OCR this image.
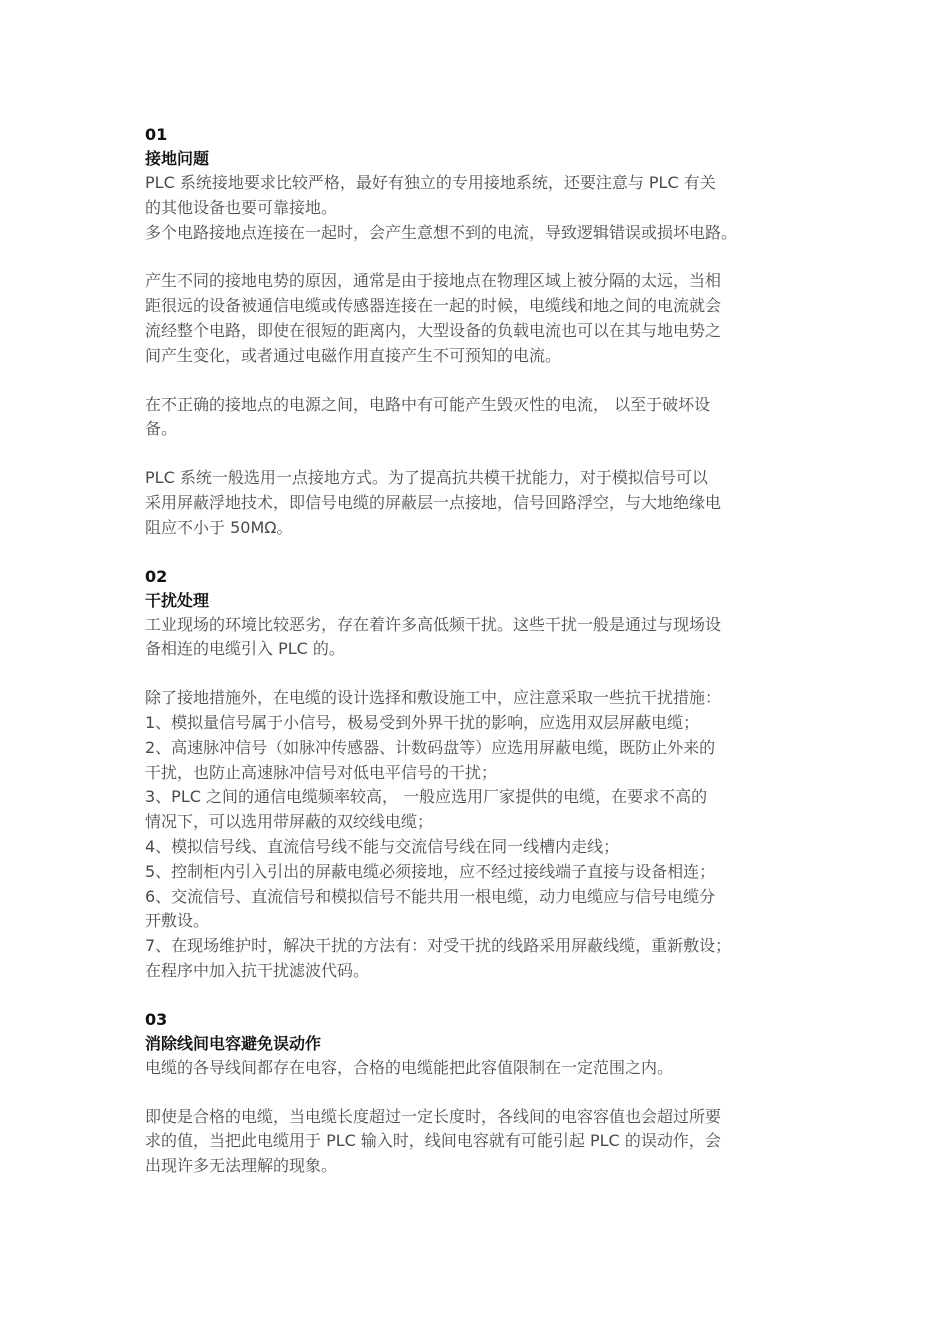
01
接地问题
PLC 系统接地要求比较严格，最好有独立的专用接地系统，还要注意与 PLC 有关
的其他设备也要可靠接地。
多个电路接地点连接在一起时，会产生意想不到的电流，导致逻辑错误或损坏电路。
产生不同的接地电势的原因，通常是由于接地点在物理区域上被分隔的太远，当相
距很远的设备被通信电缆或传感器连接在一起的时候，电缆线和地之间的电流就会
流经整个电路，即使在很短的距离内，大型设备的负载电流也可以在其与地电势之
间产生变化，或者通过电磁作用直接产生不可预知的电流。
在不正确的接地点的电源之间，电路中有可能产生毁灭性的电流， 以至于破坏设
备。
PLC 系统一般选用一点接地方式。为了提高抗共模干扰能力，对于模拟信号可以
采用屏蔽浮地技术，即信号电缆的屏蔽层一点接地，信号回路浮空，与大地绝缘电
阻应不小于 50MΩ。
02
干扰处理
工业现场的环境比较恶劣，存在着许多高低频干扰。这些干扰一般是通过与现场设
备相连的电缆引入 PLC 的。
除了接地措施外，在电缆的设计选择和敷设施工中，应注意采取一些抗干扰措施：
1、模拟量信号属于小信号，极易受到外界干扰的影响，应选用双层屏蔽电缆；
2、高速脉冲信号（如脉冲传感器、计数码盘等）应选用屏蔽电缆，既防止外来的
干扰，也防止高速脉冲信号对低电平信号的干扰；
3、PLC 之间的通信电缆频率较高， 一般应选用厂家提供的电缆，在要求不高的
情况下，可以选用带屏蔽的双绞线电缆；
4、模拟信号线、直流信号线不能与交流信号线在同一线槽内走线；
5、控制柜内引入引出的屏蔽电缆必须接地，应不经过接线端子直接与设备相连；
6、交流信号、直流信号和模拟信号不能共用一根电缆，动力电缆应与信号电缆分
开敷设。
7、在现场维护时，解决干扰的方法有：对受干扰的线路采用屏蔽线缆，重新敷设；
在程序中加入抗干扰滤波代码。
03
消除线间电容避免误动作
电缆的各导线间都存在电容，合格的电缆能把此容值限制在一定范围之内。
即使是合格的电缆，当电缆长度超过一定长度时，各线间的电容容值也会超过所要
求的值，当把此电缆用于 PLC 输入时，线间电容就有可能引起 PLC 的误动作，会
出现许多无法理解的现象。
